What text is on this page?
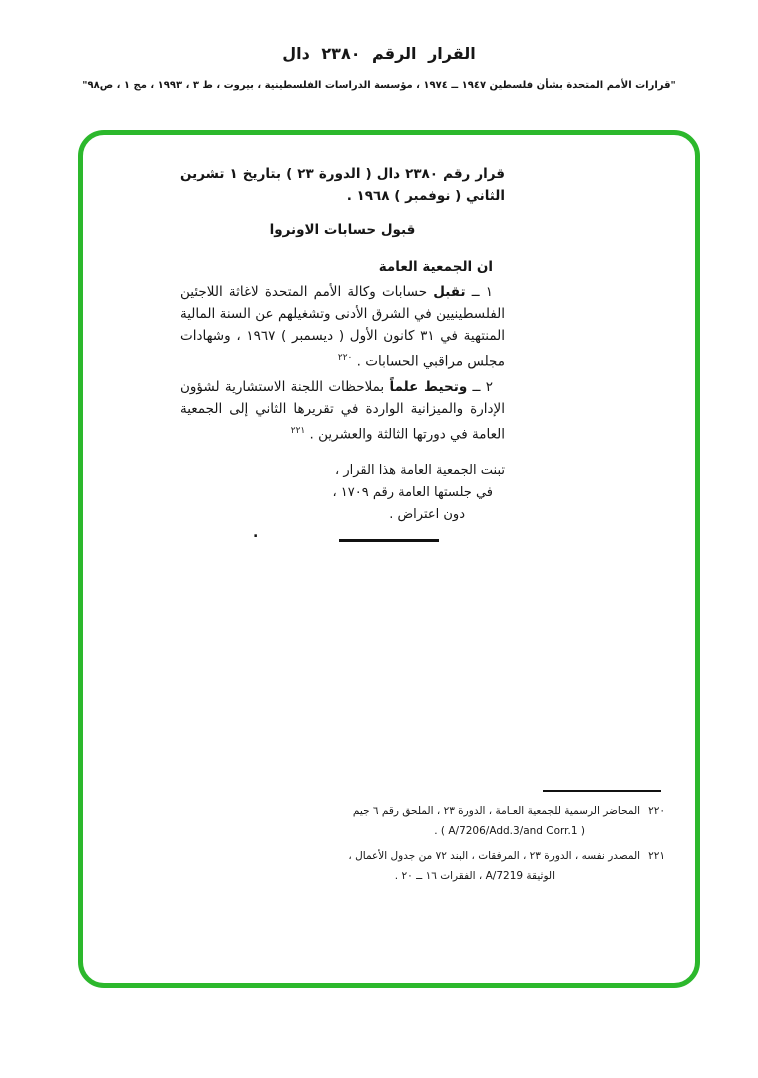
القرار الرقم ٢٣٨٠ دال
"قرارات الأمم المتحدة بشأن فلسطين ١٩٤٧ ــ ١٩٧٤ ، مؤسسة الدراسات الفلسطينية ، بيروت ، ط ٣ ، ١٩٩٣ ، مج ١ ، ص٩٨"

قرار رقم ٢٣٨٠ دال ( الدورة ٢٣ ) بتاريخ ١ تشرين الثاني ( نوفمبر ) ١٩٦٨ .

قبول حسابات الاونروا

ان الجمعية العامة

١ ــ تقبل حسابات وكالة الأمم المتحدة لاغاثة اللاجئين الفلسطينيين في الشرق الأدنى وتشغيلهم عن السنة المالية المنتهية في ٣١ كانون الأول ( ديسمبر ) ١٩٦٧ ، وشهادات مجلس مراقبي الحسابات . $^{٢٢٠}$

٢ ــ وتحيط علماً بملاحظات اللجنة الاستشارية لشؤون الإدارة والميزانية الواردة في تقريرها الثاني إلى الجمعية العامة في دورتها الثالثة والعشرين . $^{٢٢١}$

تبنت الجمعية العامة هذا القرار ،
في جلستها العامة رقم ١٧٠٩ ،
دون اعتراض .
.
٢٢٠المحاضر الرسمية للجمعية العـامة ، الدورة ٢٣ ، الملحق رقم ٦ جيم
( A/7206/Add.3/and Corr.1 ) .
٢٢١المصدر نفسه ، الدورة ٢٣ ، المرفقات ، البند ٧٢ من جدول الأعمال ،
الوثيقة A/7219 ، الفقرات ١٦ ــ ٢٠ .
